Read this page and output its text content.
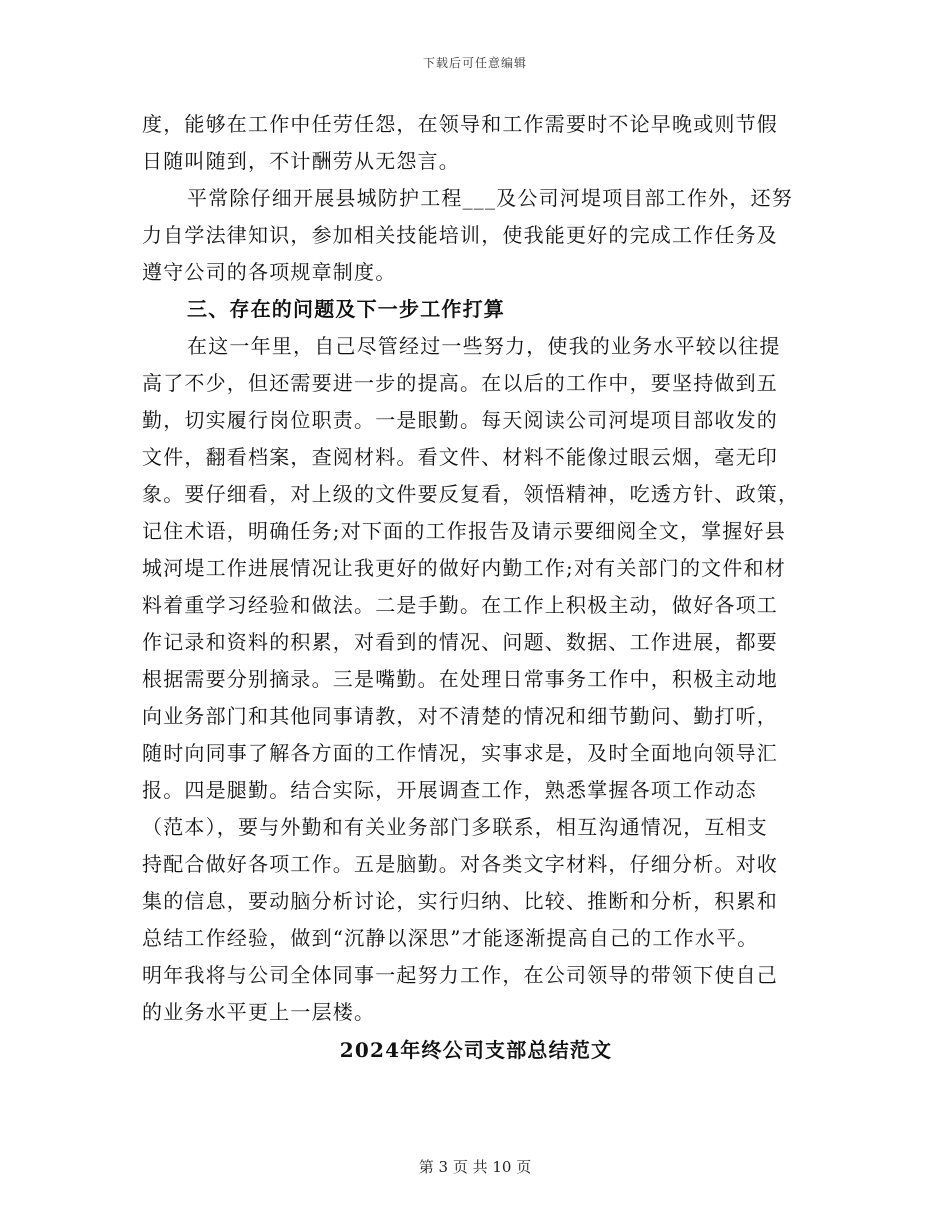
下载后可任意编辑
度，能够在工作中任劳任怨，在领导和工作需要时不论早晚或则节假
日随叫随到，不计酬劳从无怨言。
平常除仔细开展县城防护工程___及公司河堤项目部工作外，还努
力自学法律知识，参加相关技能培训，使我能更好的完成工作任务及
遵守公司的各项规章制度。
三、存在的问题及下一步工作打算
在这一年里，自己尽管经过一些努力，使我的业务水平较以往提
高了不少，但还需要进一步的提高。在以后的工作中，要坚持做到五
勤，切实履行岗位职责。一是眼勤。每天阅读公司河堤项目部收发的
文件，翻看档案，查阅材料。看文件、材料不能像过眼云烟，毫无印
象。要仔细看，对上级的文件要反复看，领悟精神，吃透方针、政策，
记住术语，明确任务;对下面的工作报告及请示要细阅全文，掌握好县
城河堤工作进展情况让我更好的做好内勤工作;对有关部门的文件和材
料着重学习经验和做法。二是手勤。在工作上积极主动，做好各项工
作记录和资料的积累，对看到的情况、问题、数据、工作进展，都要
根据需要分别摘录。三是嘴勤。在处理日常事务工作中，积极主动地
向业务部门和其他同事请教，对不清楚的情况和细节勤问、勤打听，
随时向同事了解各方面的工作情况，实事求是，及时全面地向领导汇
报。四是腿勤。结合实际，开展调查工作，熟悉掌握各项工作动态
（范本），要与外勤和有关业务部门多联系，相互沟通情况，互相支
持配合做好各项工作。五是脑勤。对各类文字材料，仔细分析。对收
集的信息，要动脑分析讨论，实行归纳、比较、推断和分析，积累和
总结工作经验，做到“沉静以深思”才能逐渐提高自己的工作水平。
明年我将与公司全体同事一起努力工作，在公司领导的带领下使自己
的业务水平更上一层楼。
2024年终公司支部总结范文
第 3 页 共 10 页
